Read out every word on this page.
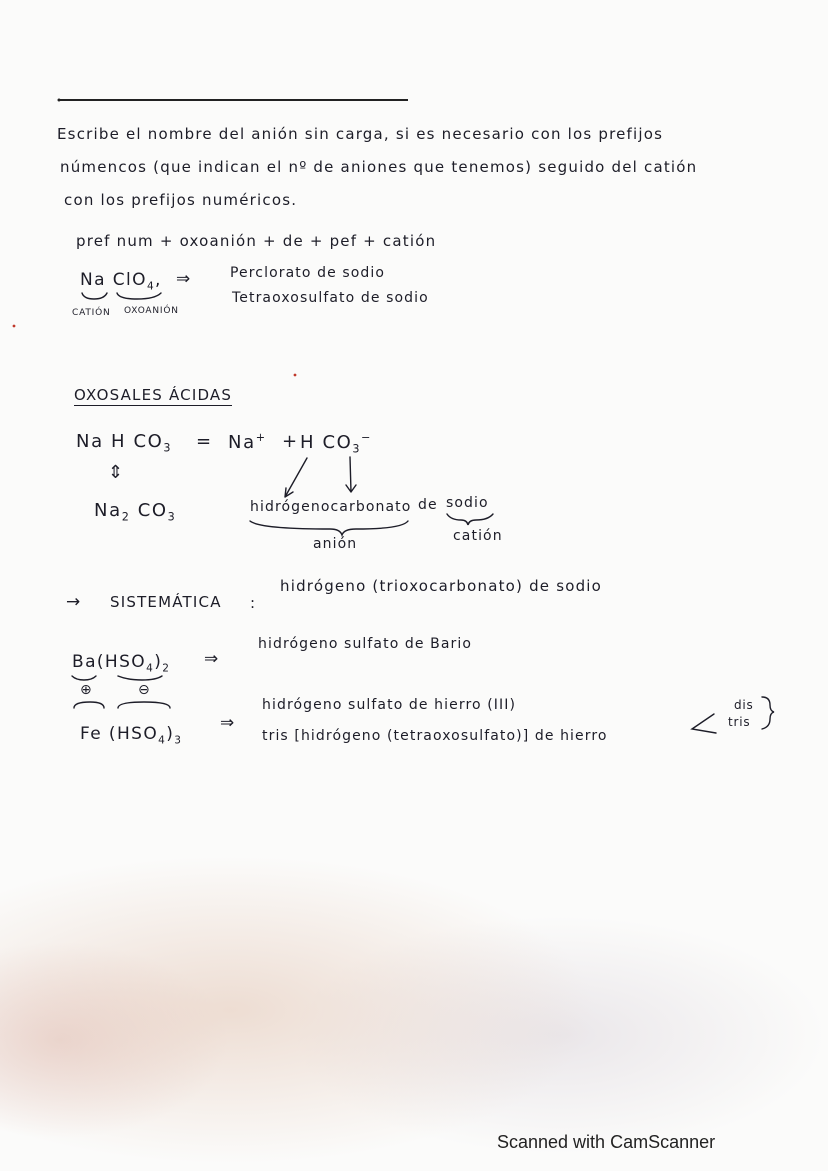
Escribe el nombre del anión sin carga, si es necesario con los prefijos
númencos (que indican el nº de aniones que tenemos) seguido del catión
con los prefijos numéricos.
pref num + oxoanión + de + pef + catión
Na ClO$_4$, ⇒	Perclorato de sodio
Tetraoxosulfato de sodio
CATIÓN OXOANIÓN
OXOSALES ÁCIDAS
Na H $CO_3 = Na^+ + H$ $CO_3^-$
⇕
$Na_2$ $CO_3$
hidrógenocarbonato de sodio
anión	catión
→ SISTEMÁTICA :
hidrógeno (trioxocarbonato) de sodio
$Ba(HSO_4)_2$ ⇒
hidrógeno sulfato de Bario
⊕	⊖
Fe $(HSO_4)_3$
⇒
hidrógeno sulfato de hierro (III)
tris [hidrógeno (tetraoxosulfato)] de hierro
dis
tris
Scanned with CamScanner
